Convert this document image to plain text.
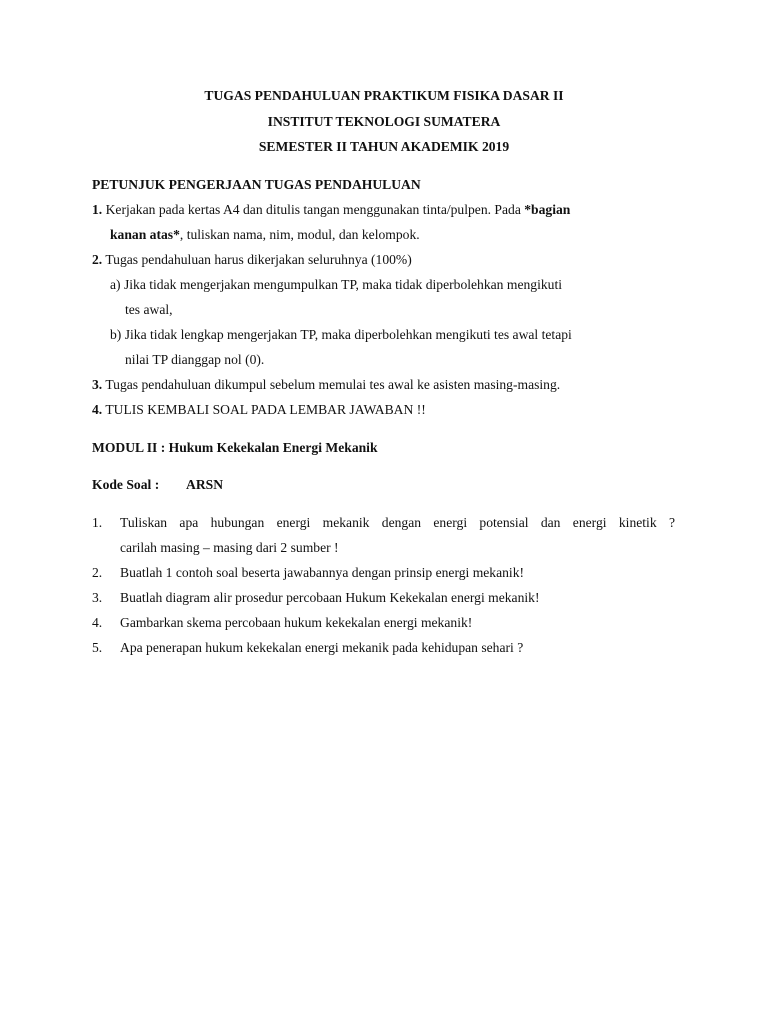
TUGAS PENDAHULUAN PRAKTIKUM FISIKA DASAR II
INSTITUT TEKNOLOGI SUMATERA
SEMESTER II TAHUN AKADEMIK 2019
PETUNJUK PENGERJAAN TUGAS PENDAHULUAN
1. Kerjakan pada kertas A4 dan ditulis tangan menggunakan tinta/pulpen. Pada *bagian
kanan atas*, tuliskan nama, nim, modul, dan kelompok.
2. Tugas pendahuluan harus dikerjakan seluruhnya (100%)
a) Jika tidak mengerjakan mengumpulkan TP, maka tidak diperbolehkan mengikuti
tes awal,
b) Jika tidak lengkap mengerjakan TP, maka diperbolehkan mengikuti tes awal tetapi
nilai TP dianggap nol (0).
3. Tugas pendahuluan dikumpul sebelum memulai tes awal ke asisten masing-masing.
4. TULIS KEMBALI SOAL PADA LEMBAR JAWABAN !!
MODUL II : Hukum Kekekalan Energi Mekanik
Kode Soal : ARSN
1. Tuliskan apa hubungan energi mekanik dengan energi potensial dan energi kinetik ?
carilah masing – masing dari 2 sumber !
2. Buatlah 1 contoh soal beserta jawabannya dengan prinsip energi mekanik!
3. Buatlah diagram alir prosedur percobaan Hukum Kekekalan energi mekanik!
4. Gambarkan skema percobaan hukum kekekalan energi mekanik!
5. Apa penerapan hukum kekekalan energi mekanik pada kehidupan sehari ?
